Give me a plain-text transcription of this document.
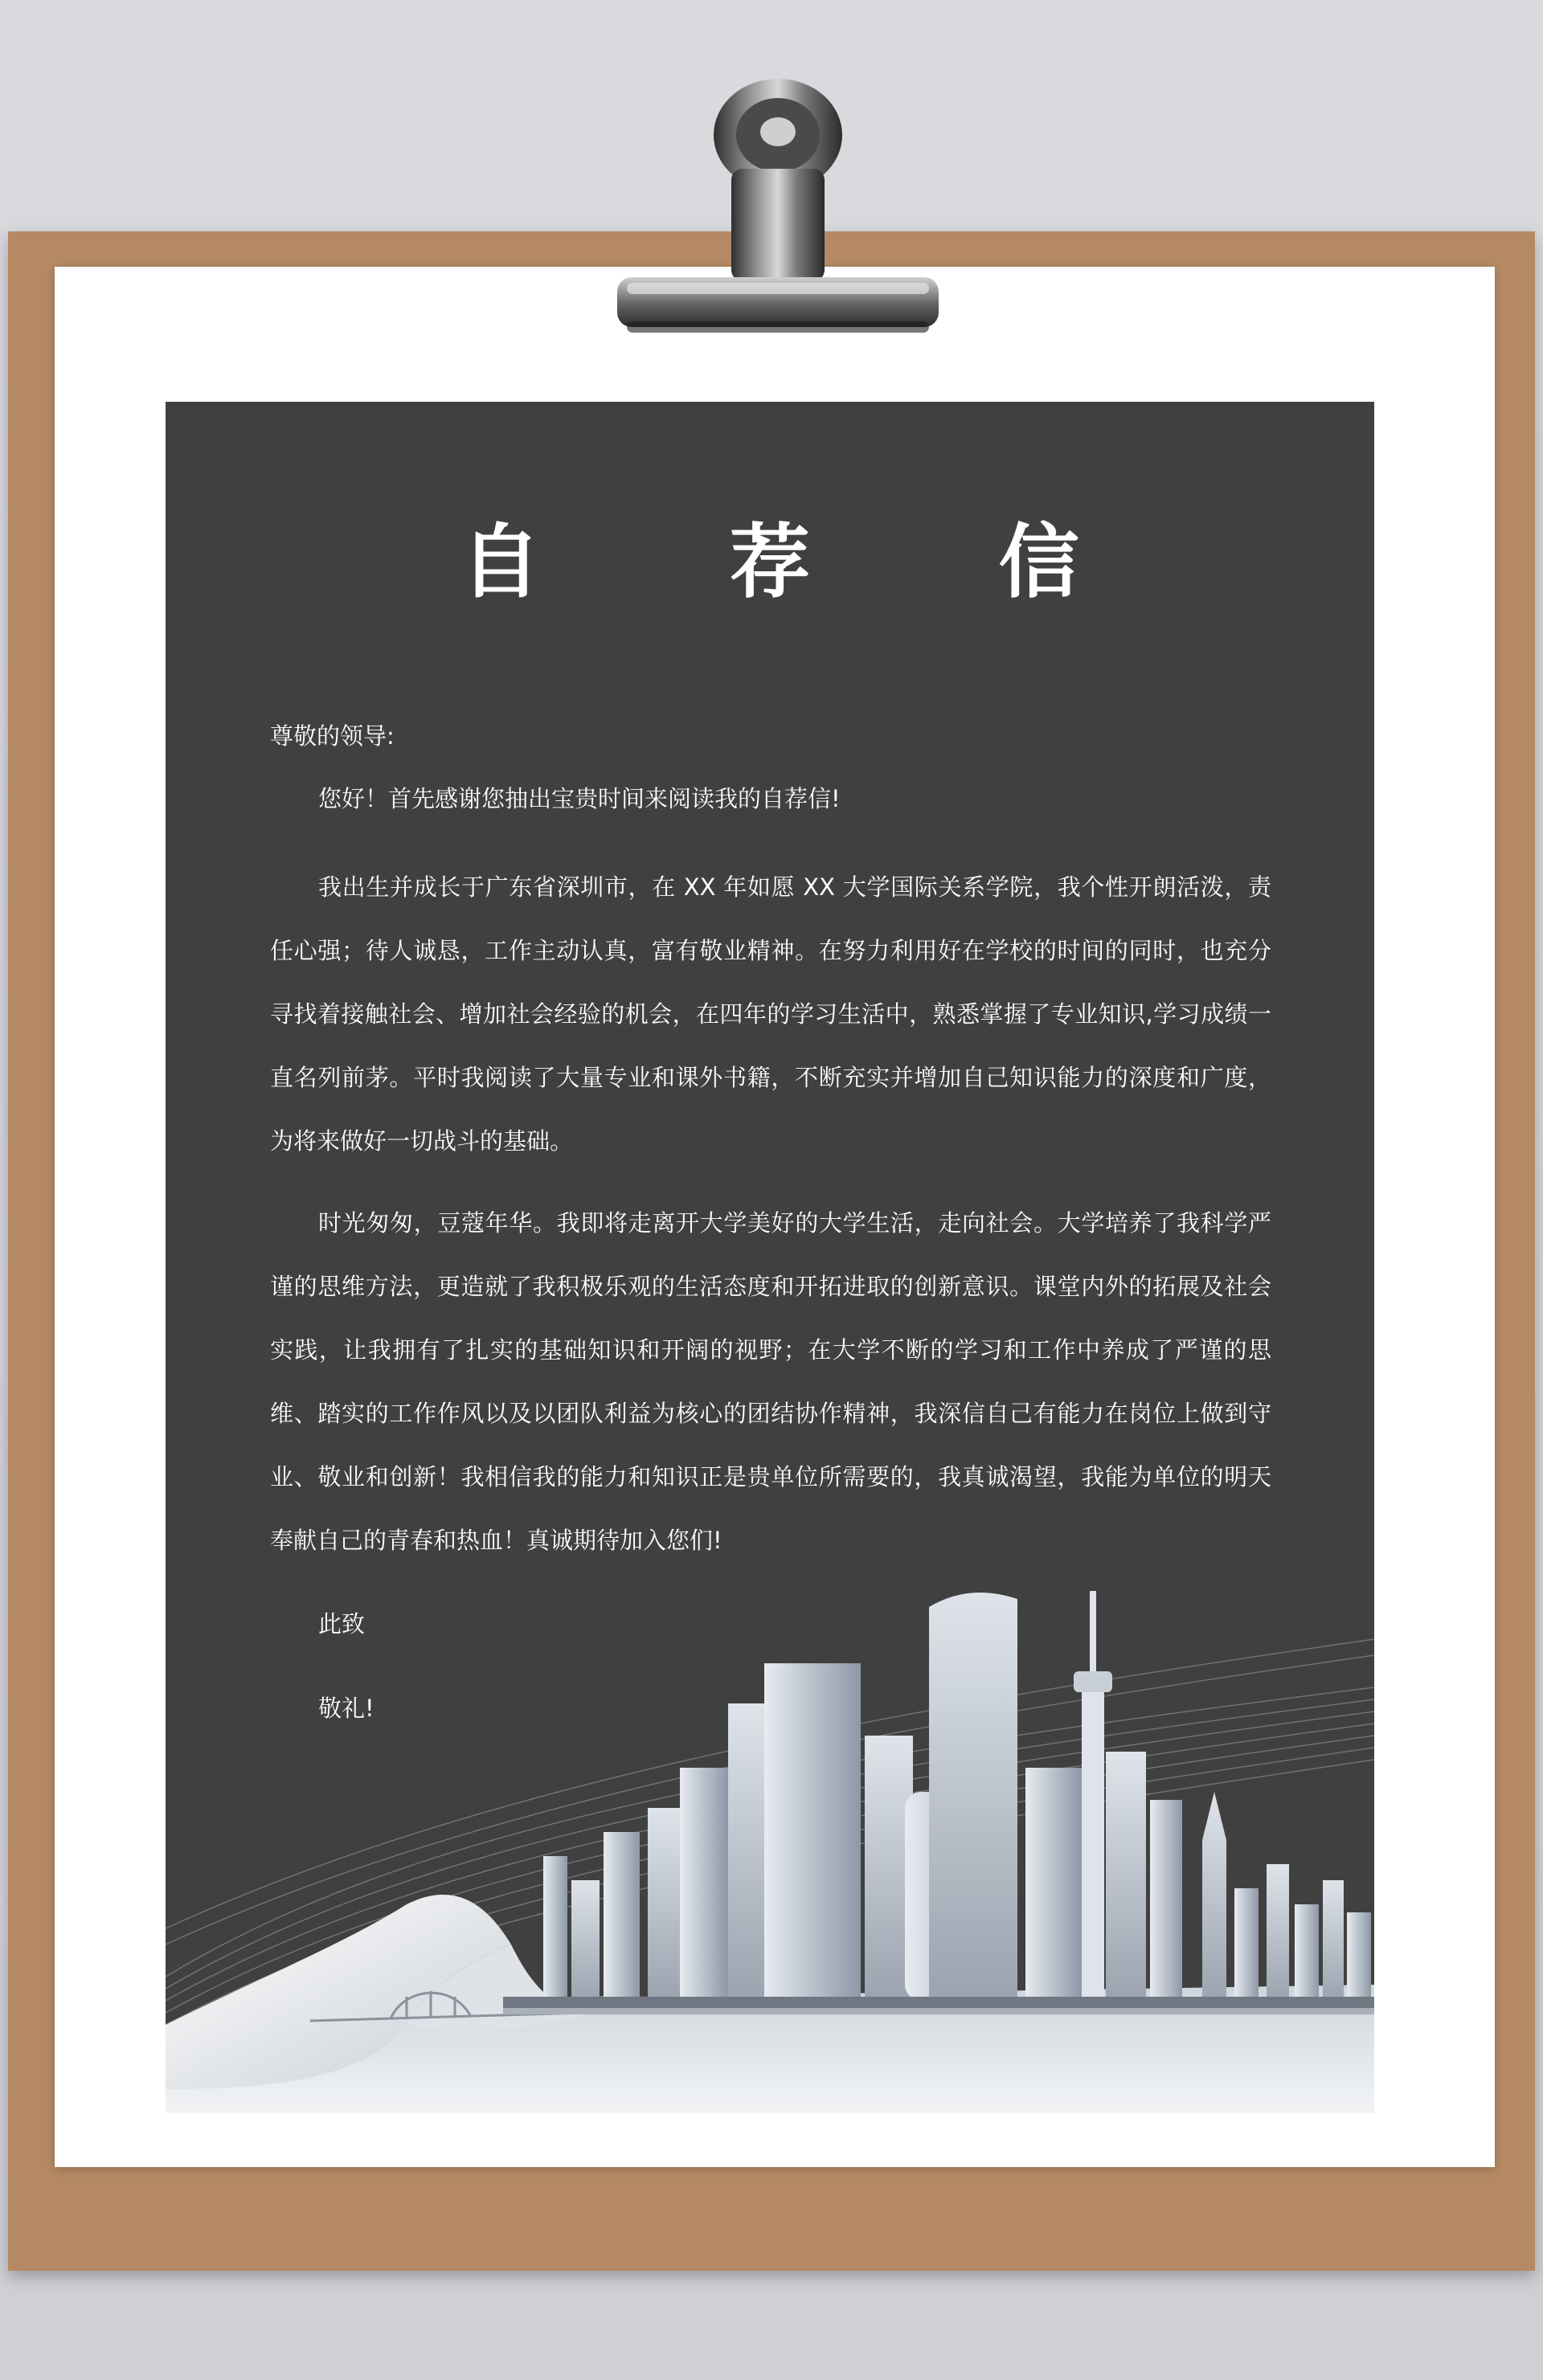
自 荐 信
尊敬的领导:

您好！首先感谢您抽出宝贵时间来阅读我的自荐信!

我出生并成长于广东省深圳市，在 XX 年如愿 XX 大学国际关系学院，我个性开朗活泼，责任心强；待人诚恳，工作主动认真，富有敬业精神。在努力利用好在学校的时间的同时，也充分寻找着接触社会、增加社会经验的机会，在四年的学习生活中，熟悉掌握了专业知识,学习成绩一直名列前茅。平时我阅读了大量专业和课外书籍，不断充实并增加自己知识能力的深度和广度，为将来做好一切战斗的基础。

时光匆匆，豆蔻年华。我即将走离开大学美好的大学生活，走向社会。大学培养了我科学严谨的思维方法，更造就了我积极乐观的生活态度和开拓进取的创新意识。课堂内外的拓展及社会实践，让我拥有了扎实的基础知识和开阔的视野；在大学不断的学习和工作中养成了严谨的思维、踏实的工作作风以及以团队利益为核心的团结协作精神，我深信自己有能力在岗位上做到守业、敬业和创新！我相信我的能力和知识正是贵单位所需要的，我真诚渴望，我能为单位的明天奉献自己的青春和热血！真诚期待加入您们!

此致
敬礼!
